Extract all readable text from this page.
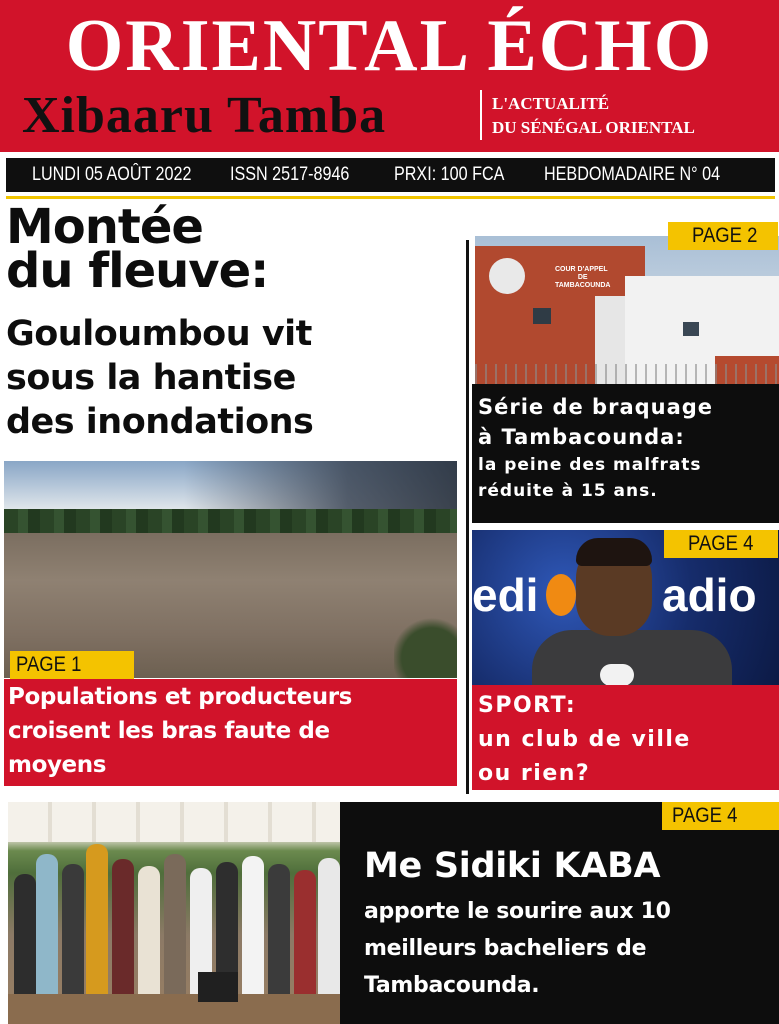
ORIENTAL ÉCHO
Xibaaru Tamba	L'ACTUALITÉ
DU SÉNÉGAL ORIENTAL
LUNDI 05 AOÛT 2022 ISSN 2517-8946 PRXI: 100 FCA HEBDOMADAIRE N° 04
Montée
du fleuve:
Gouloumbou vit
sous la hantise
des inondations
PAGE 1
Populations et producteurs
croisent les bras faute de
moyens
COUR D'APPEL
DE
TAMBACOUNDA
PAGE 2
Série de braquage
à Tambacounda:
la peine des malfrats
réduite à 15 ans.
edi	adio
PAGE 4
SPORT:
un club de ville
ou rien?
PAGE 4
Me Sidiki KABA
apporte le sourire aux 10
meilleurs bacheliers de
Tambacounda.
